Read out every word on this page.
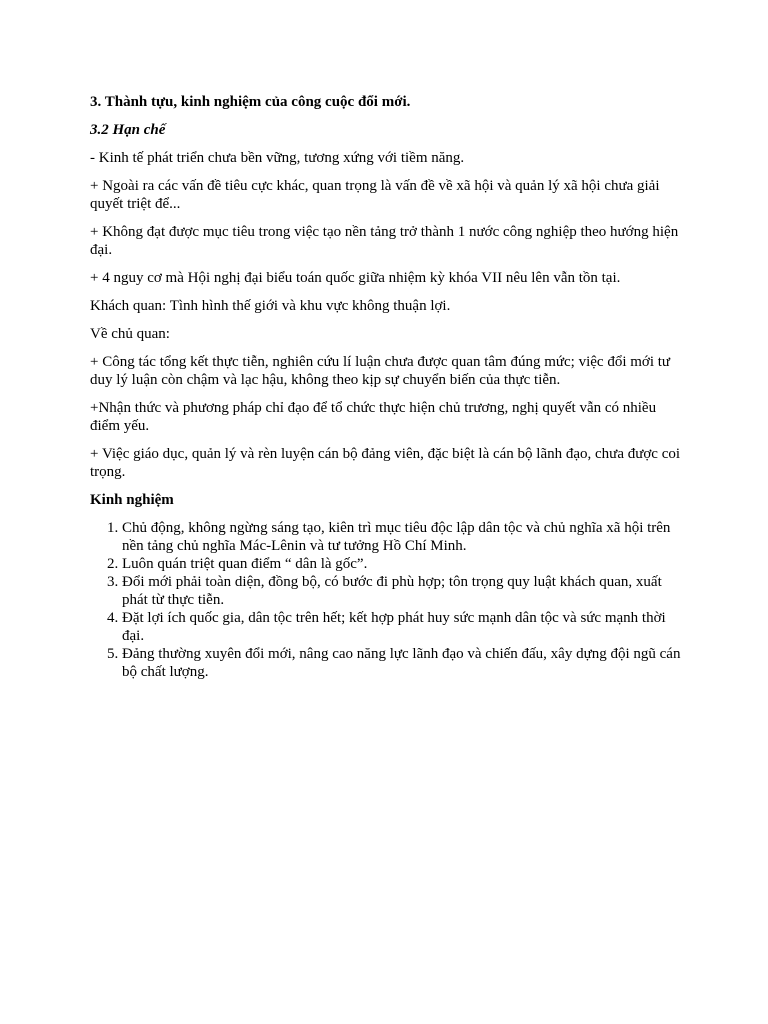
3. Thành tựu, kinh nghiệm của công cuộc đổi mới.

3.2 Hạn chế

- Kinh tế phát triển chưa bền vững, tương xứng với tiềm năng.

+ Ngoài ra các vấn đề tiêu cực khác, quan trọng là vấn đề về xã hội và quản lý xã hội chưa giải quyết triệt để...

+ Không đạt được mục tiêu trong việc tạo nền tảng trở thành 1 nước công nghiệp theo hướng hiện đại.

+ 4 nguy cơ mà Hội nghị đại biểu toán quốc giữa nhiệm kỳ khóa VII nêu lên vẫn tồn tại.

Khách quan: Tình hình thế giới và khu vực không thuận lợi.

Về chủ quan:

+ Công tác tổng kết thực tiễn, nghiên cứu lí luận chưa được quan tâm đúng mức; việc đổi mới tư duy lý luận còn chậm và lạc hậu, không theo kịp sự chuyển biến của thực tiễn.

+Nhận thức và phương pháp chỉ đạo để tổ chức thực hiện chủ trương, nghị quyết vẫn có nhiều điểm yếu.

+ Việc giáo dục, quản lý và rèn luyện cán bộ đảng viên, đặc biệt là cán bộ lãnh đạo, chưa được coi trọng.

Kinh nghiệm

1. Chủ động, không ngừng sáng tạo, kiên trì mục tiêu độc lập dân tộc và chủ nghĩa xã hội trên nền tảng chủ nghĩa Mác-Lênin và tư tưởng Hồ Chí Minh.
2. Luôn quán triệt quan điểm “ dân là gốc”.
3. Đổi mới phải toàn diện, đồng bộ, có bước đi phù hợp; tôn trọng quy luật khách quan, xuất phát từ thực tiễn.
4. Đặt lợi ích quốc gia, dân tộc trên hết; kết hợp phát huy sức mạnh dân tộc và sức mạnh thời đại.
5. Đảng thường xuyên đổi mới, nâng cao năng lực lãnh đạo và chiến đấu, xây dựng đội ngũ cán bộ chất lượng.
